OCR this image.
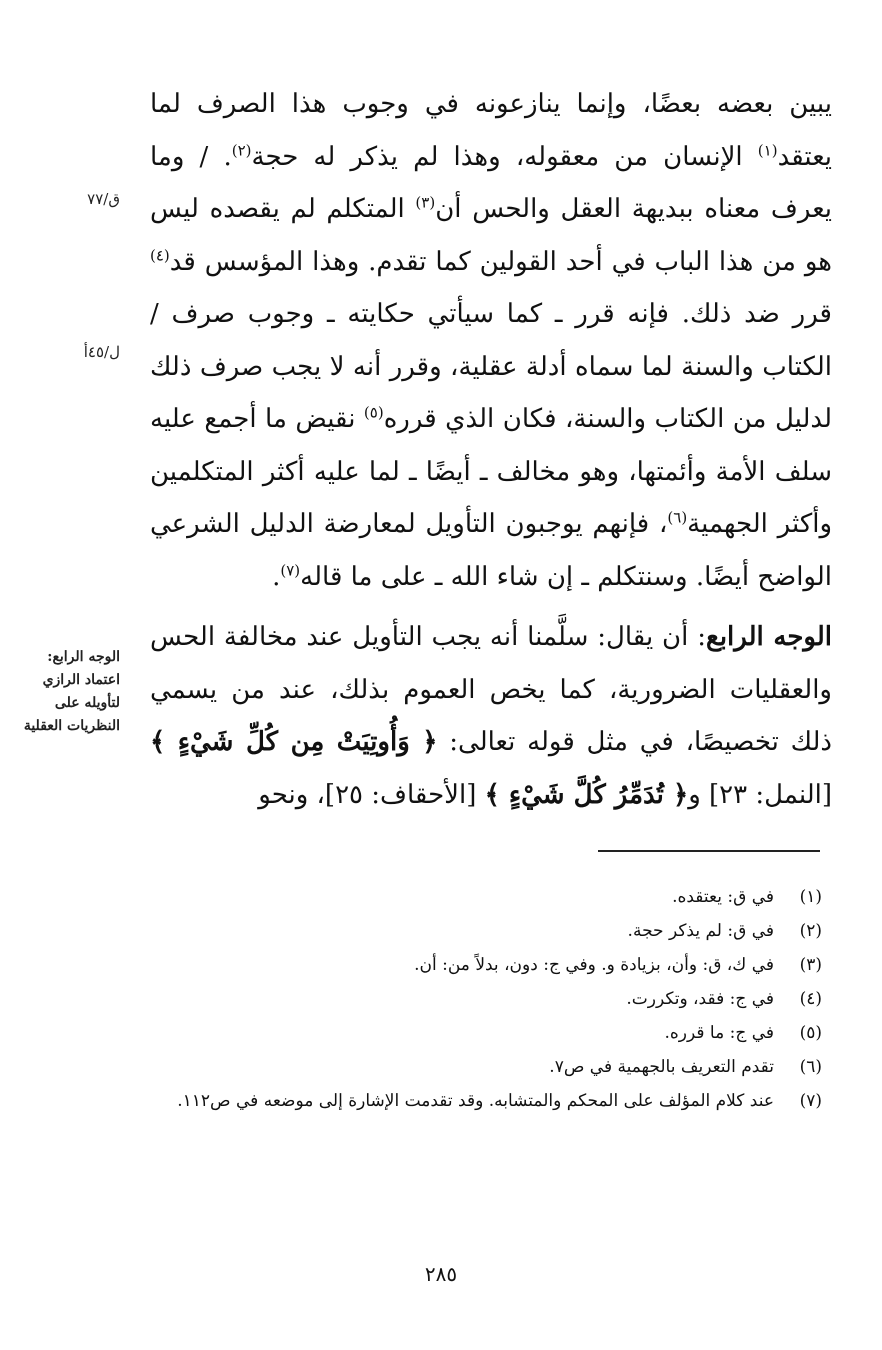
يبين بعضه بعضًا، وإنما ينازعونه في وجوب هذا الصرف لما يعتقد$^{(١)}$ الإنسان من معقوله، وهذا لم يذكر له حجة$^{(٢)}$. / وما يعرف معناه ببديهة العقل والحس أن$^{(٣)}$ المتكلم لم يقصده ليس هو من هذا الباب في أحد القولين كما تقدم. وهذا المؤسس قد$^{(٤)}$ قرر ضد ذلك. فإنه قرر ـ كما سيأتي حكايته ـ وجوب صرف / الكتاب والسنة لما سماه أدلة عقلية، وقرر أنه لا يجب صرف ذلك لدليل من الكتاب والسنة، فكان الذي قرره$^{(٥)}$ نقيض ما أجمع عليه سلف الأمة وأئمتها، وهو مخالف ـ أيضًا ـ لما عليه أكثر المتكلمين وأكثر الجهمية$^{(٦)}$، فإنهم يوجبون التأويل لمعارضة الدليل الشرعي الواضح أيضًا. وسنتكلم ـ إن شاء الله ـ على ما قاله$^{(٧)}$.

الوجه الرابع: أن يقال: سلَّمنا أنه يجب التأويل عند مخالفة الحس والعقليات الضرورية، كما يخص العموم بذلك، عند من يسمي ذلك تخصيصًا، في مثل قوله تعالى: ﴿ وَأُوتِيَتْ مِن كُلِّ شَيْءٍ ﴾ [النمل: ٢٣] و﴿ تُدَمِّرُ كُلَّ شَيْءٍ ﴾ [الأحقاف: ٢٥]، ونحو

ق/٧٧
ل/٤٥أ
الوجه الرابع: اعتماد الرازي لتأويله على النظريات العقلية
(١)
في ق: يعتقده.
(٢)
في ق: لم يذكر حجة.
(٣)
في ك، ق: وأن، بزيادة و. وفي ج: دون، بدلاً من: أن.
(٤)
في ج: فقد، وتكررت.
(٥)
في ج: ما قرره.
(٦)
تقدم التعريف بالجهمية في ص٧.
(٧)
عند كلام المؤلف على المحكم والمتشابه. وقد تقدمت الإشارة إلى موضعه في ص١١٢.
٢٨٥
